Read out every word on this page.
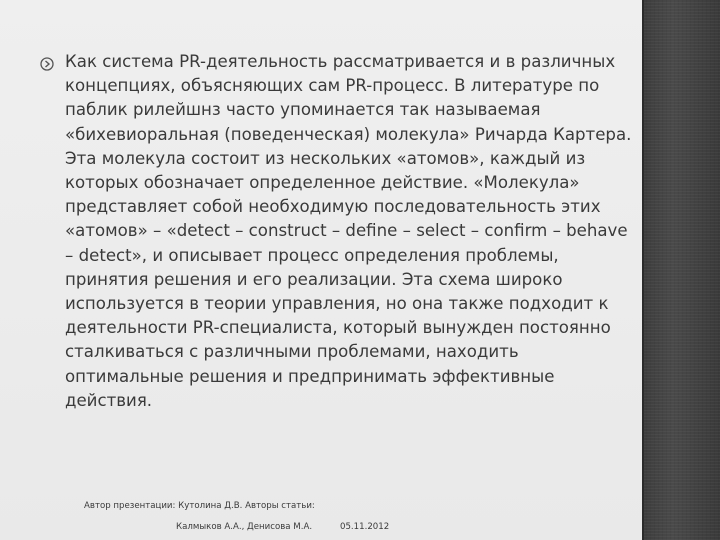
Как система PR-деятельность рассматривается и в различных концепциях, объясняющих сам PR-процесс. В литературе по паблик рилейшнз часто упоминается так называемая «бихевиоральная (поведенческая) молекула» Ричарда Картера. Эта молекула состоит из нескольких «атомов», каждый из которых обозначает определенное действие. «Молекула» представляет собой необходимую последовательность этих «атомов» – «detect – construct – define – select – confirm – behave – detect», и описывает процесс определения проблемы, принятия решения и его реализации. Эта схема широко используется в теории управления, но она также подходит к деятельности PR-специалиста, который вынужден постоянно сталкиваться с различными проблемами, находить оптимальные решения и предпринимать эффективные действия.

Автор презентации: Кутолина Д.В. Авторы статьи:
Калмыков А.А., Денисова М.А.	05.11.2012
